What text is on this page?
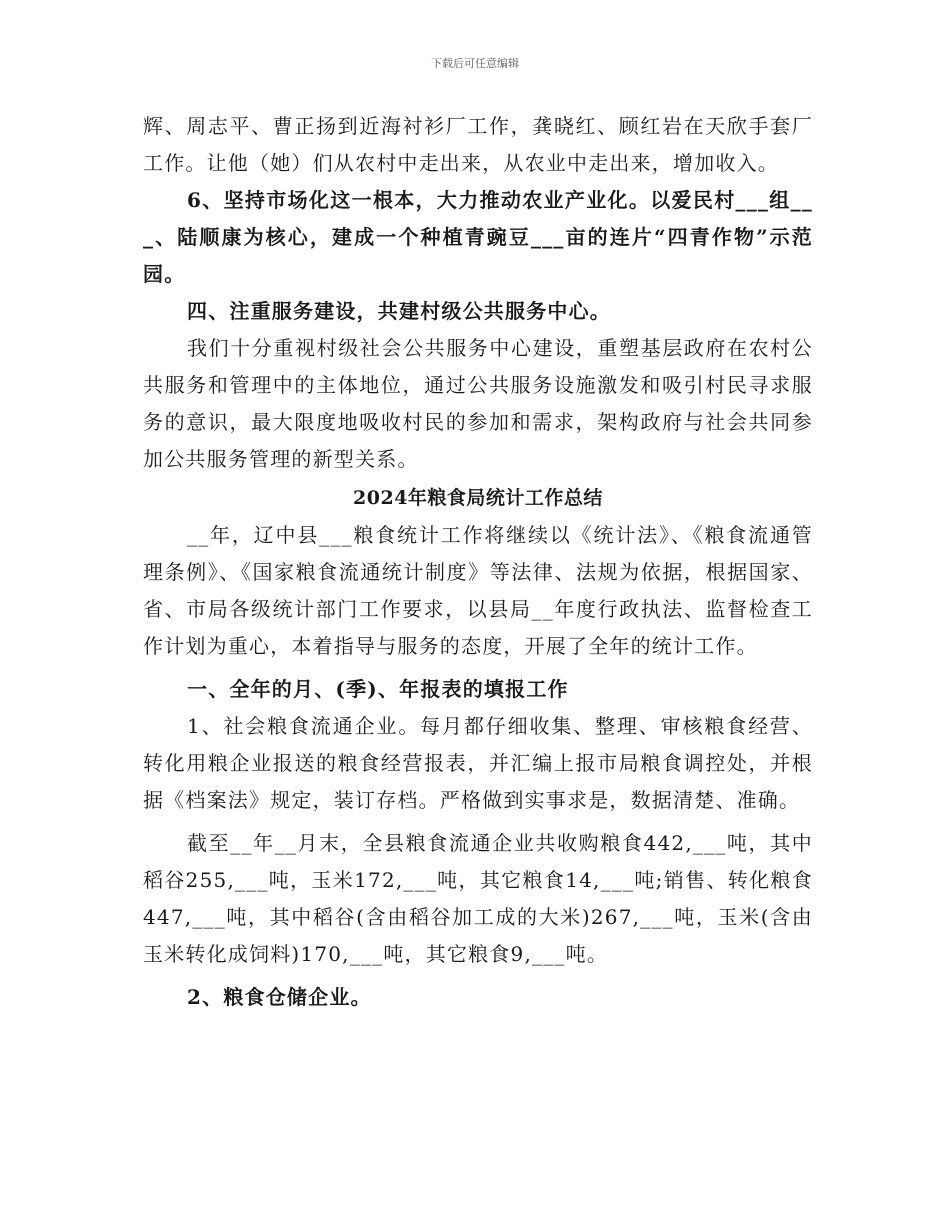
下载后可任意编辑

辉、周志平、曹正扬到近海衬衫厂工作，龚晓红、顾红岩在天欣手套厂工作。让他（她）们从农村中走出来，从农业中走出来，增加收入。

6、坚持市场化这一根本，大力推动农业产业化。以爱民村___组___、陆顺康为核心，建成一个种植青豌豆___亩的连片“四青作物”示范园。

四、注重服务建设，共建村级公共服务中心。

我们十分重视村级社会公共服务中心建设，重塑基层政府在农村公共服务和管理中的主体地位，通过公共服务设施激发和吸引村民寻求服务的意识，最大限度地吸收村民的参加和需求，架构政府与社会共同参加公共服务管理的新型关系。

2024年粮食局统计工作总结

__年，辽中县___粮食统计工作将继续以《统计法》、《粮食流通管理条例》、《国家粮食流通统计制度》等法律、法规为依据，根据国家、省、市局各级统计部门工作要求，以县局__年度行政执法、监督检查工作计划为重心，本着指导与服务的态度，开展了全年的统计工作。

一、全年的月、(季)、年报表的填报工作

1、社会粮食流通企业。每月都仔细收集、整理、审核粮食经营、转化用粮企业报送的粮食经营报表，并汇编上报市局粮食调控处，并根据《档案法》规定，装订存档。严格做到实事求是，数据清楚、准确。

截至__年__月末，全县粮食流通企业共收购粮食442,___吨，其中稻谷255,___吨，玉米172,___吨，其它粮食14,___吨;销售、转化粮食447,___吨，其中稻谷(含由稻谷加工成的大米)267,___吨，玉米(含由玉米转化成饲料)170,___吨，其它粮食9,___吨。

2、粮食仓储企业。
